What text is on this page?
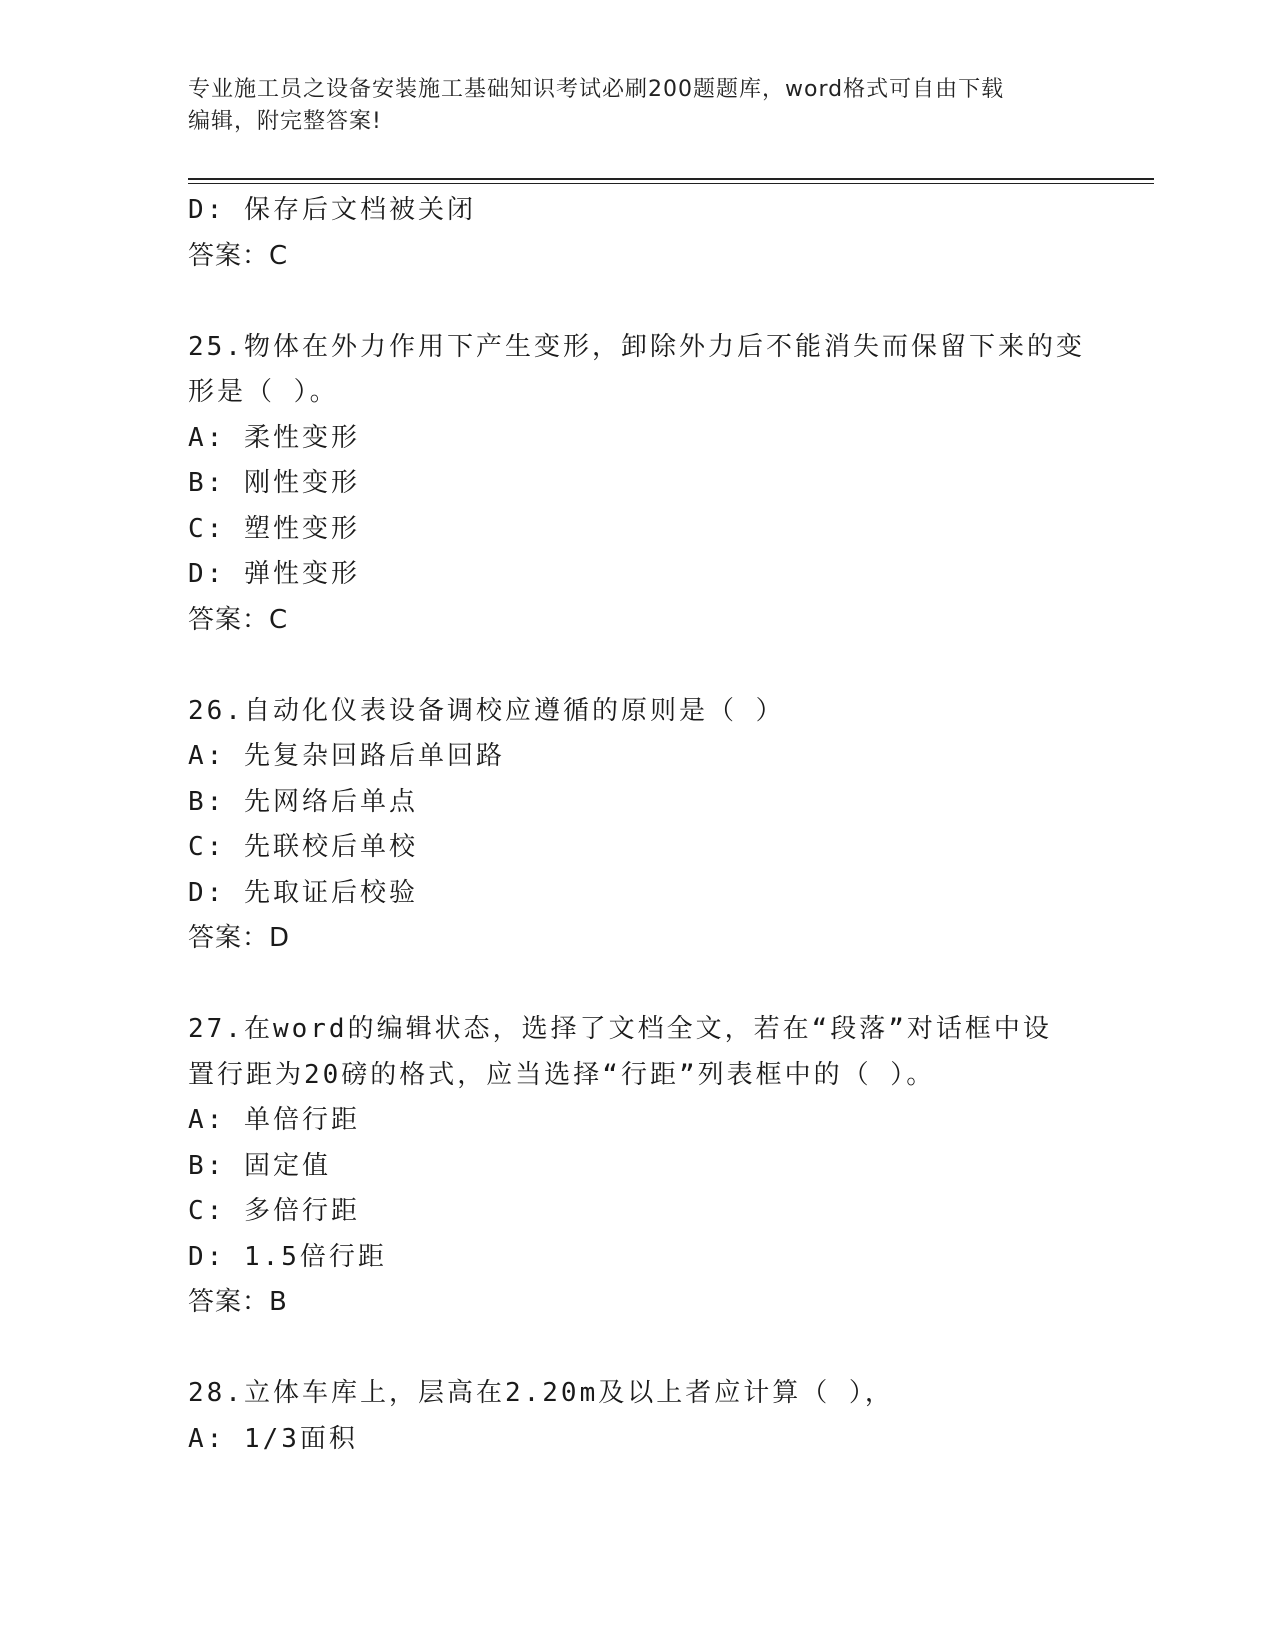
专业施工员之设备安装施工基础知识考试必刷200题题库，word格式可自由下载
编辑，附完整答案!

D: 保存后文档被关闭

答案：C

25.物体在外力作用下产生变形，卸除外力后不能消失而保留下来的变

形是（ ）。

A: 柔性变形

B: 刚性变形

C: 塑性变形

D: 弹性变形

答案：C

26.自动化仪表设备调校应遵循的原则是（ ）

A: 先复杂回路后单回路

B: 先网络后单点

C: 先联校后单校

D: 先取证后校验

答案：D

27.在word的编辑状态，选择了文档全文，若在“段落”对话框中设

置行距为20磅的格式，应当选择“行距”列表框中的（ ）。

A: 单倍行距

B: 固定值

C: 多倍行距

D: 1.5倍行距

答案：B

28.立体车库上，层高在2.20m及以上者应计算（ ），

A: 1/3面积
